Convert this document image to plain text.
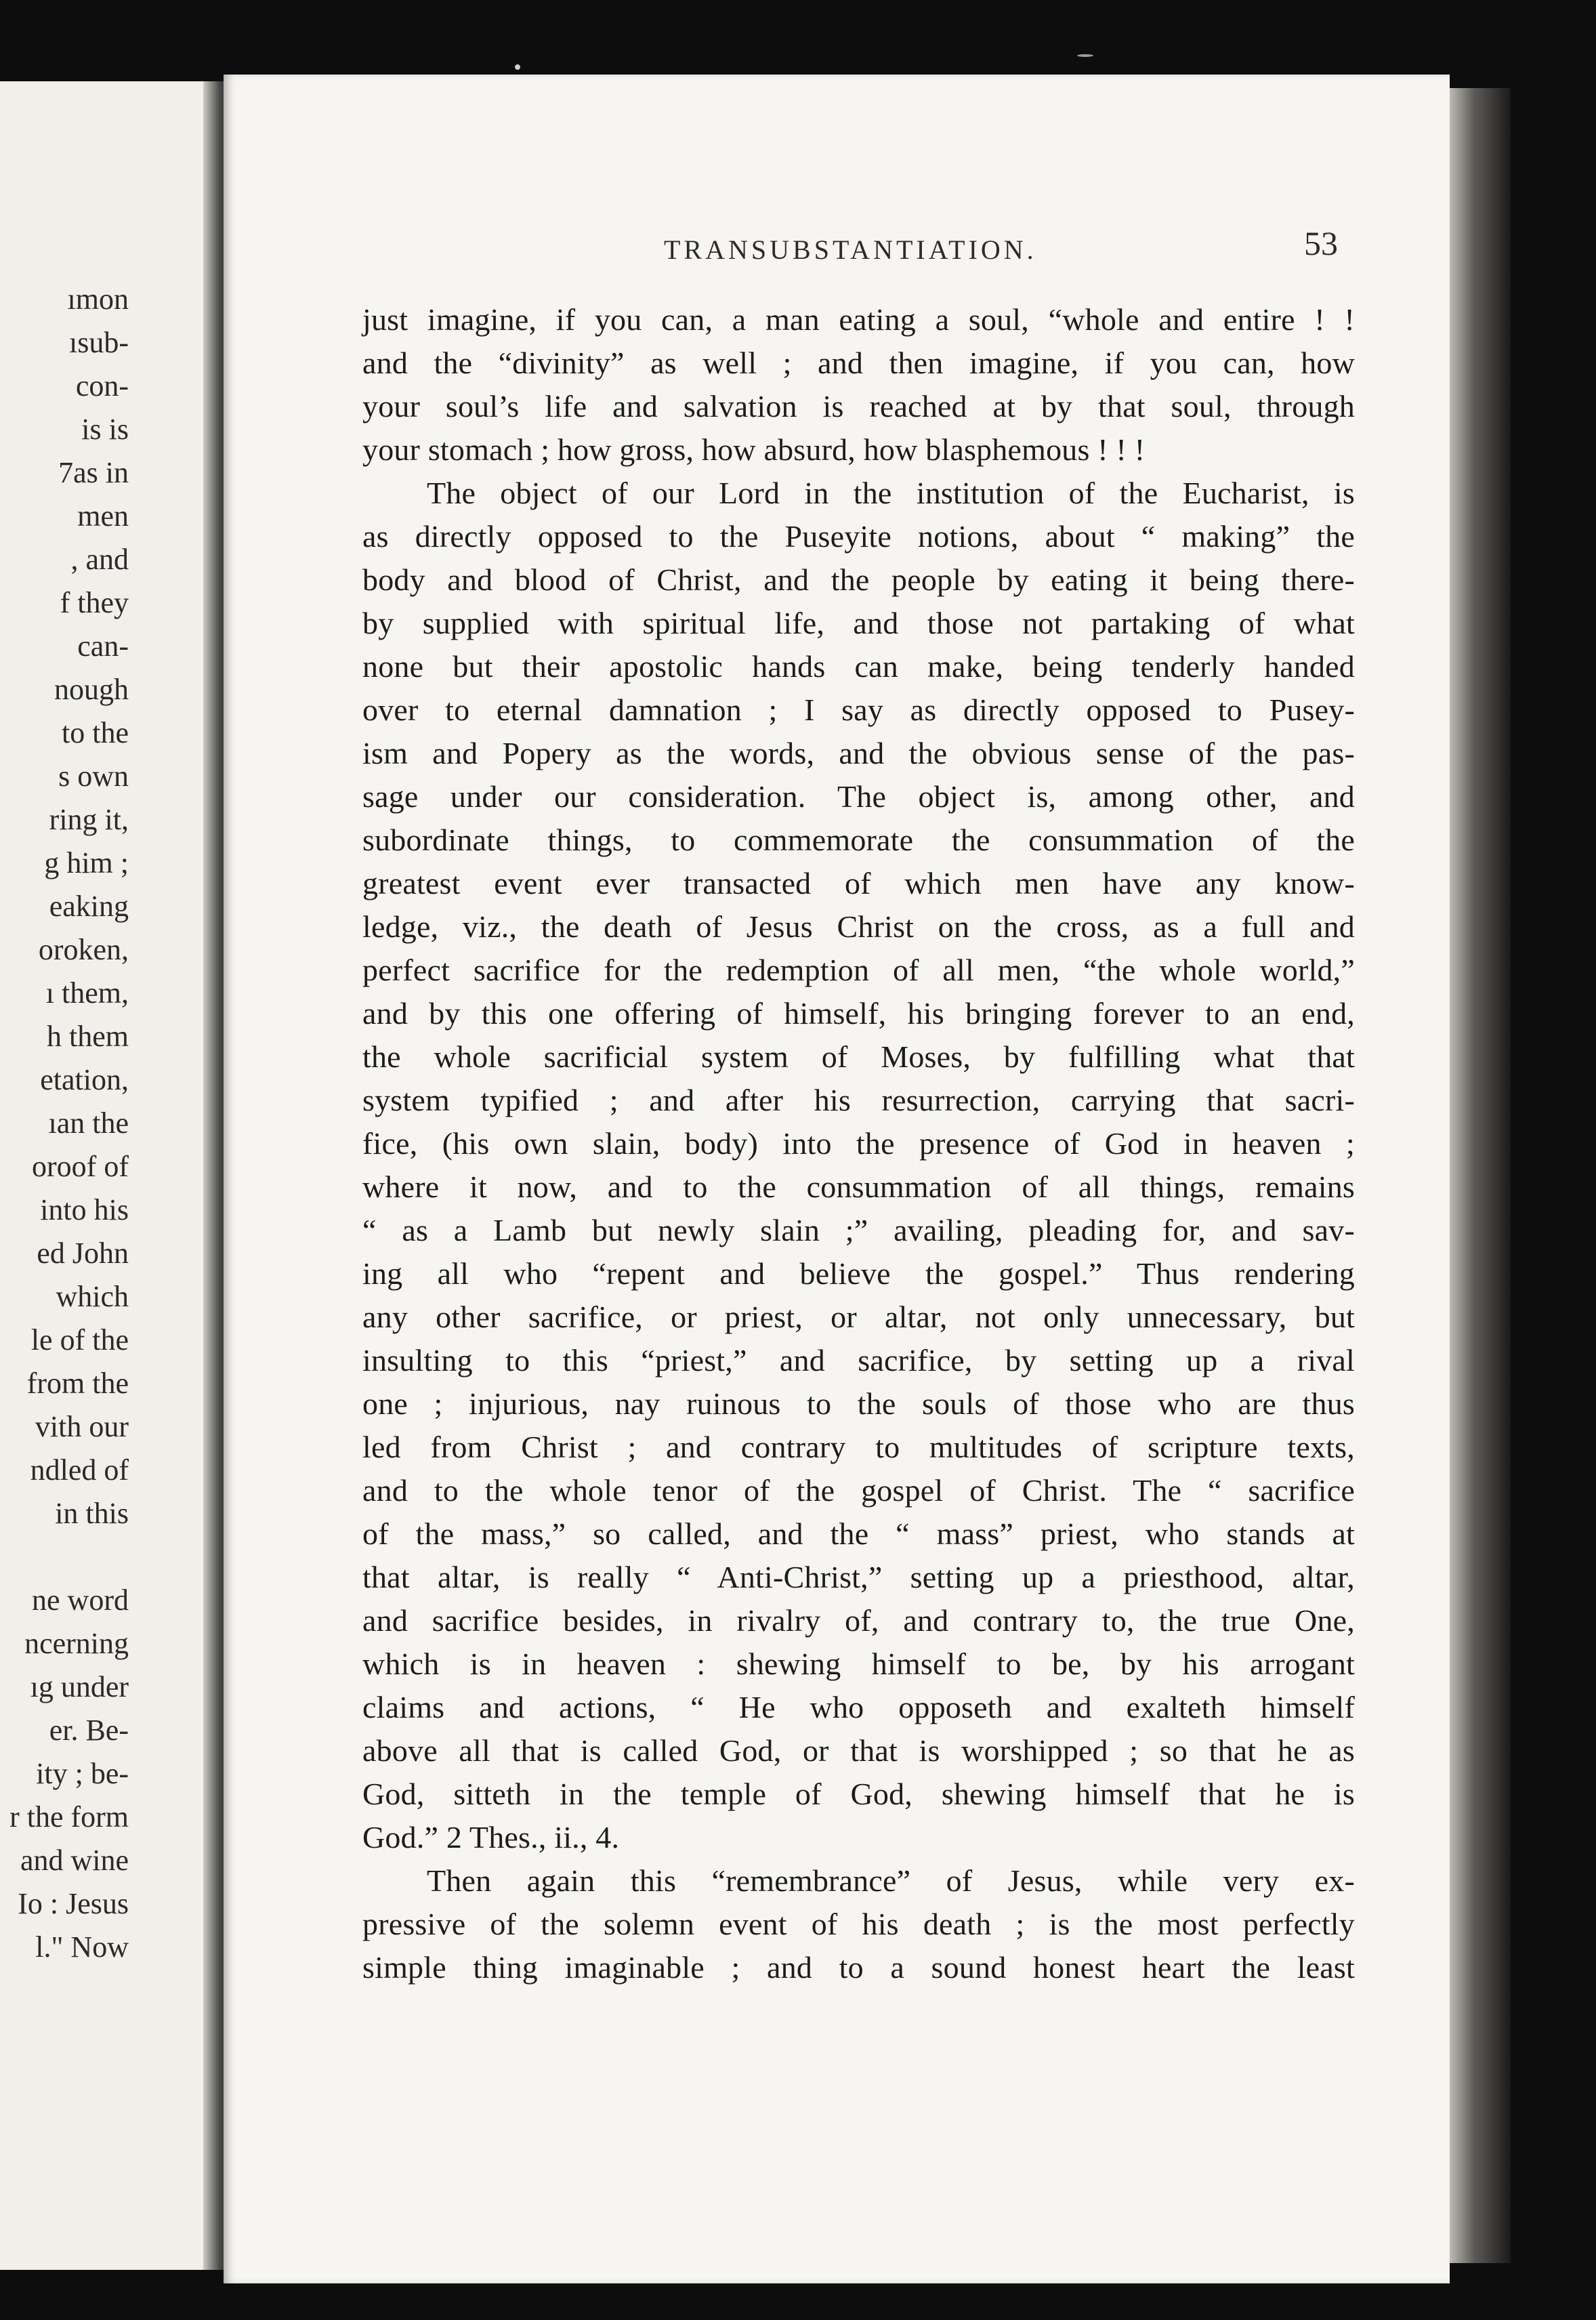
ımon
ısub-
con-
is is
7as in
men
, and
f they
can-
nough
to the
s own
ring it,
g him ;
eaking
oroken,
ı them,
h them
etation,
ıan the
oroof of
into his
ed John
which
le of the
from the
vith our
ndled of
in this
ne word
ncerning
ıg under
er. Be-
ity ; be-
r the form
and wine
Io : Jesus
l." Now
TRANSUBSTANTIATION.	53
just imagine, if you can, a man eating a soul, “whole and entire ! !
and the “divinity” as well ; and then imagine, if you can, how
your soul’s life and salvation is reached at by that soul, through
your stomach ; how gross, how absurd, how blasphemous ! ! !
The object of our Lord in the institution of the Eucharist, is
as directly opposed to the Puseyite notions, about “ making” the
body and blood of Christ, and the people by eating it being there-
by supplied with spiritual life, and those not partaking of what
none but their apostolic hands can make, being tenderly handed
over to eternal damnation ; I say as directly opposed to Pusey-
ism and Popery as the words, and the obvious sense of the pas-
sage under our consideration. The object is, among other, and
subordinate things, to commemorate the consummation of the
greatest event ever transacted of which men have any know-
ledge, viz., the death of Jesus Christ on the cross, as a full and
perfect sacrifice for the redemption of all men, “the whole world,”
and by this one offering of himself, his bringing forever to an end,
the whole sacrificial system of Moses, by fulfilling what that
system typified ; and after his resurrection, carrying that sacri-
fice, (his own slain, body) into the presence of God in heaven ;
where it now, and to the consummation of all things, remains
“ as a Lamb but newly slain ;” availing, pleading for, and sav-
ing all who “repent and believe the gospel.” Thus rendering
any other sacrifice, or priest, or altar, not only unnecessary, but
insulting to this “priest,” and sacrifice, by setting up a rival
one ; injurious, nay ruinous to the souls of those who are thus
led from Christ ; and contrary to multitudes of scripture texts,
and to the whole tenor of the gospel of Christ. The “ sacrifice
of the mass,” so called, and the “ mass” priest, who stands at
that altar, is really “ Anti-Christ,” setting up a priesthood, altar,
and sacrifice besides, in rivalry of, and contrary to, the true One,
which is in heaven : shewing himself to be, by his arrogant
claims and actions, “ He who opposeth and exalteth himself
above all that is called God, or that is worshipped ; so that he as
God, sitteth in the temple of God, shewing himself that he is
God.” 2 Thes., ii., 4.
Then again this “remembrance” of Jesus, while very ex-
pressive of the solemn event of his death ; is the most perfectly
simple thing imaginable ; and to a sound honest heart the least
